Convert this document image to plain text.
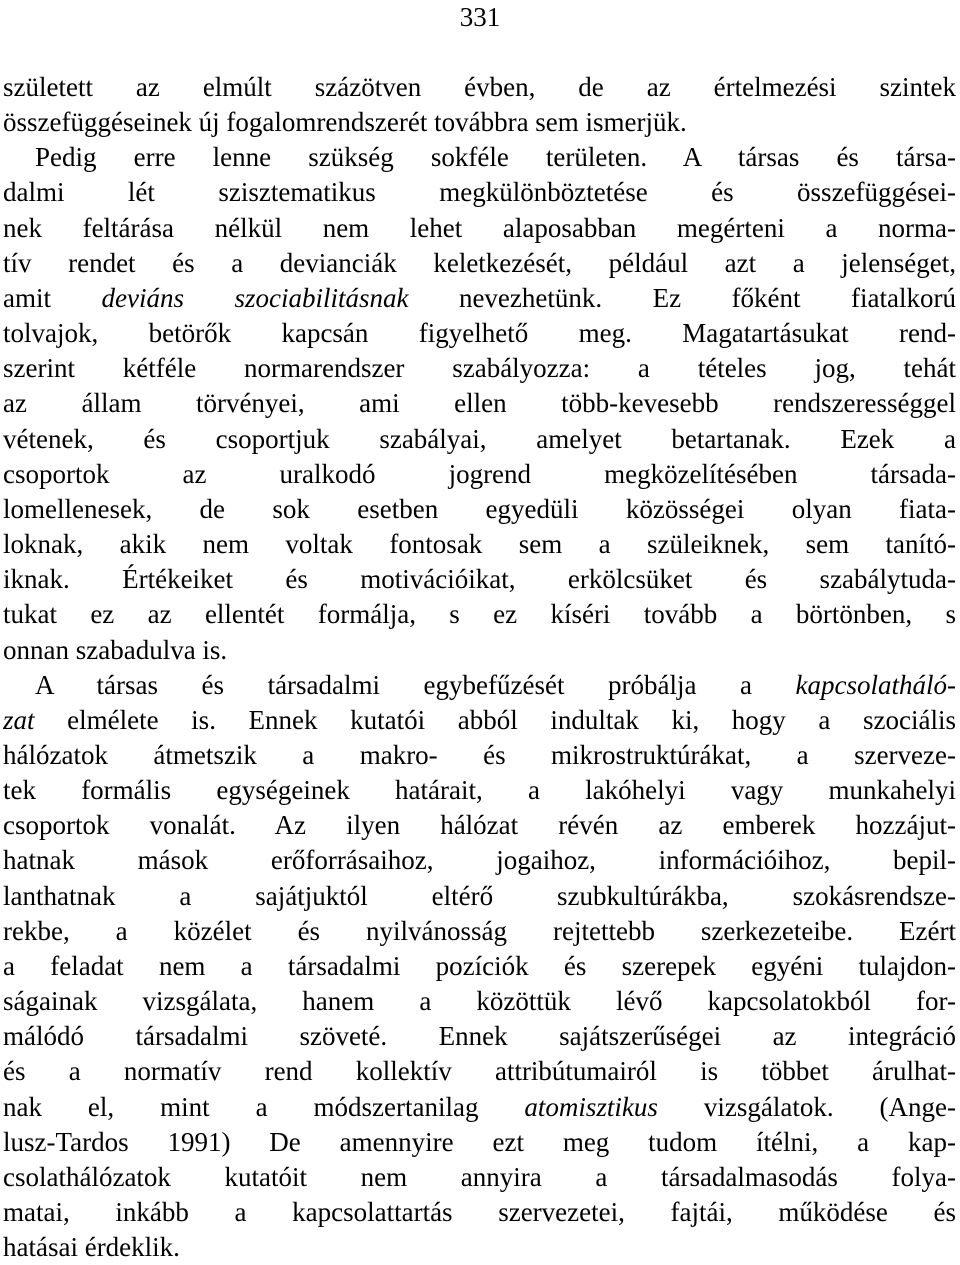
331
született az elmúlt százötven évben, de az értelmezési szintek
összefüggéseinek új fogalomrendszerét továbbra sem ismerjük.
Pedig erre lenne szükség sokféle területen. A társas és társa-
dalmi lét szisztematikus megkülönböztetése és összefüggései-
nek feltárása nélkül nem lehet alaposabban megérteni a norma-
tív rendet és a devianciák keletkezését, például azt a jelenséget,
amit deviáns szociabilitásnak nevezhetünk. Ez főként fiatalkorú
tolvajok, betörők kapcsán figyelhető meg. Magatartásukat rend-
szerint kétféle normarendszer szabályozza: a tételes jog, tehát
az állam törvényei, ami ellen több-kevesebb rendszerességgel
vétenek, és csoportjuk szabályai, amelyet betartanak. Ezek a
csoportok az uralkodó jogrend megközelítésében társada-
lomellenesek, de sok esetben egyedüli közösségei olyan fiata-
loknak, akik nem voltak fontosak sem a szüleiknek, sem tanító-
iknak. Értékeiket és motivációikat, erkölcsüket és szabálytuda-
tukat ez az ellentét formálja, s ez kíséri tovább a börtönben, s
onnan szabadulva is.
A társas és társadalmi egybefűzését próbálja a kapcsolatháló-
zat elmélete is. Ennek kutatói abból indultak ki, hogy a szociális
hálózatok átmetszik a makro- és mikrostruktúrákat, a szervezе-
tek formális egységeinek határait, a lakóhelyi vagy munkahelyi
csoportok vonalát. Az ilyen hálózat révén az emberek hozzájut-
hatnak mások erőforrásaihoz, jogaihoz, információihoz, bepil-
lanthatnak a sajátjuktól eltérő szubkultúrákba, szokásrendsze-
rekbe, a közélet és nyilvánosság rejtettebb szerkezeteibe. Ezért
a feladat nem a társadalmi pozíciók és szerepek egyéni tulajdon-
ságainak vizsgálata, hanem a közöttük lévő kapcsolatokból for-
málódó társadalmi szöveté. Ennek sajátszerűségei az integráció
és a normatív rend kollektív attribútumairól is többet árulhat-
nak el, mint a módszertanilag atomisztikus vizsgálatok. (Ange-
lusz-Tardos 1991) De amennyire ezt meg tudom ítélni, a kap-
csolathálózatok kutatóit nem annyira a társadalmasodás folya-
matai, inkább a kapcsolattartás szervezetei, fajtái, működése és
hatásai érdeklik.
